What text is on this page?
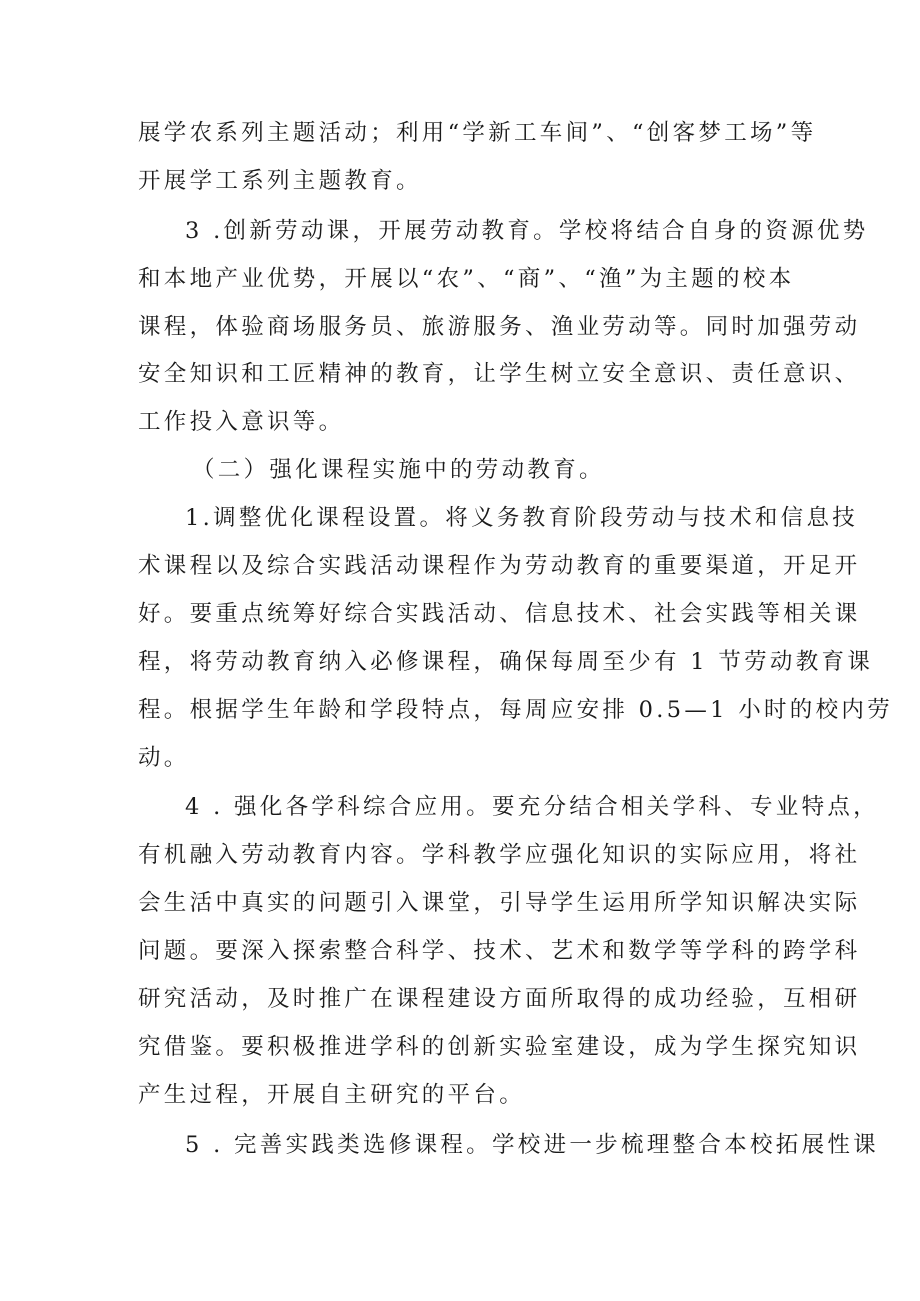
展学农系列主题活动；利用“学新工车间”、“创客梦工场”等
开展学工系列主题教育。
3 .创新劳动课，开展劳动教育。学校将结合自身的资源优势
和本地产业优势，开展以“农”、“商”、“渔”为主题的校本
课程，体验商场服务员、旅游服务、渔业劳动等。同时加强劳动
安全知识和工匠精神的教育，让学生树立安全意识、责任意识、
工作投入意识等。
（二）强化课程实施中的劳动教育。
1.调整优化课程设置。将义务教育阶段劳动与技术和信息技
术课程以及综合实践活动课程作为劳动教育的重要渠道，开足开
好。要重点统筹好综合实践活动、信息技术、社会实践等相关课
程，将劳动教育纳入必修课程，确保每周至少有 1 节劳动教育课
程。根据学生年龄和学段特点，每周应安排 0.5—1 小时的校内劳
动。
4 . 强化各学科综合应用。要充分结合相关学科、专业特点，
有机融入劳动教育内容。学科教学应强化知识的实际应用，将社
会生活中真实的问题引入课堂，引导学生运用所学知识解决实际
问题。要深入探索整合科学、技术、艺术和数学等学科的跨学科
研究活动，及时推广在课程建设方面所取得的成功经验，互相研
究借鉴。要积极推进学科的创新实验室建设，成为学生探究知识
产生过程，开展自主研究的平台。
5 . 完善实践类选修课程。学校进一步梳理整合本校拓展性课
